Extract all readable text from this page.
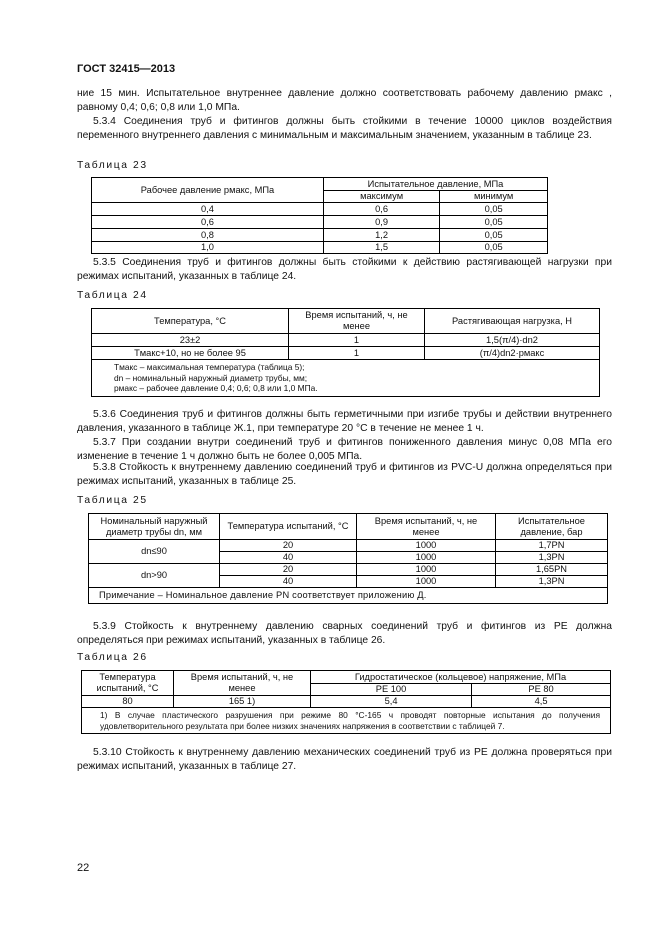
ГОСТ 32415—2013

ние 15 мин. Испытательное внутреннее давление должно соответствовать рабочему давлению pмакс , равному 0,4; 0,6; 0,8 или 1,0 МПа.

5.3.4 Соединения труб и фитингов должны быть стойкими в течение 10000 циклов воздействия переменного внутреннего давления с минимальным и максимальным значением, указанным в таблице 23.

Таблица 23
Рабочее давление pмакс, МПа	Испытательное давление, МПа	
	максимум	минимум
0,4	0,6	0,05
0,6	0,9	0,05
0,8	1,2	0,05
1,0	1,5	0,05

5.3.5 Соединения труб и фитингов должны быть стойкими к действию растягивающей нагрузки при режимах испытаний, указанных в таблице 24.

Таблица 24
Температура, °С	Время испытаний, ч, не менее	Растягивающая нагрузка, Н
23±2	1	1,5(π/4)·dn2
Tмакс+10, но не более 95	1	(π/4)dn2·pмакс

Tмакс – максимальная температура (таблица 5);
dn – номинальный наружный диаметр трубы, мм;
pмакс – рабочее давление 0,4; 0,6; 0,8 или 1,0 МПа.		

5.3.6 Соединения труб и фитингов должны быть герметичными при изгибе трубы и действии внутреннего давления, указанного в таблице Ж.1, при температуре 20 °С в течение не менее 1 ч.

5.3.7 При создании внутри соединений труб и фитингов пониженного давления минус 0,08 МПа его изменение в течение 1 ч должно быть не более 0,005 МПа.

5.3.8 Стойкость к внутреннему давлению соединений труб и фитингов из PVC-U должна определяться при режимах испытаний, указанных в таблице 25.

Таблица 25
Номинальный наружный диаметр трубы dn, мм	Температура испытаний, °С	Время испытаний, ч, не менее	Испытательное давление, бар
dn≤90	20	1000	1,7PN
	40	1000	1,3PN
dn>90	20	1000	1,65PN
	40	1000	1,3PN
Примечание – Номинальное давление PN соответствует приложению Д.			

5.3.9 Стойкость к внутреннему давлению сварных соединений труб и фитингов из РЕ должна определяться при режимах испытаний, указанных в таблице 26.

Таблица 26
Температура испытаний, °С	Время испытаний, ч, не менее	Гидростатическое (кольцевое) напряжение, МПа	
		PE 100	PE 80
80	165 1)	5,4	4,5
1) В случае пластического разрушения при режиме 80 °С-165 ч проводят повторные испытания до получения удовлетворительного результата при более низких значениях напряжения в соответствии с таблицей 7.			

5.3.10 Стойкость к внутреннему давлению механических соединений труб из РЕ должна проверяться при режимах испытаний, указанных в таблице 27.

22
